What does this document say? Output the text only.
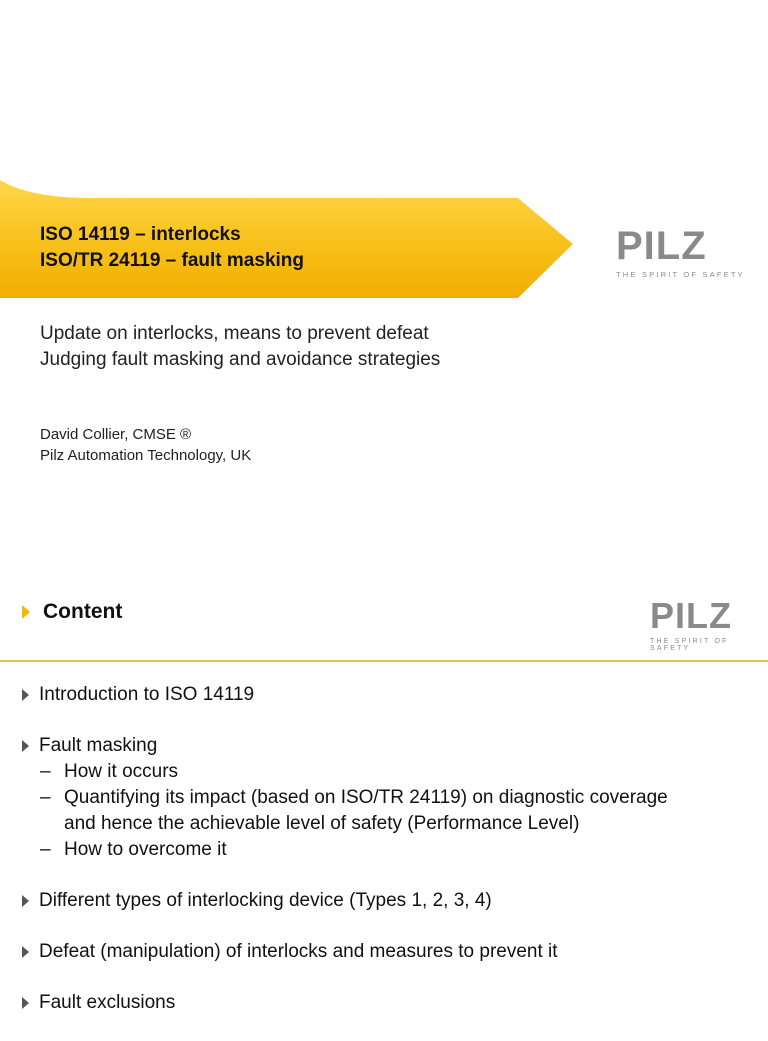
ISO 14119 – interlocks
ISO/TR 24119 – fault masking	PILZ
THE SPIRIT OF SAFETY
Update on interlocks, means to prevent defeat
Judging fault masking and avoidance strategies
David Collier, CMSE ®
Pilz Automation Technology, UK
Content	PILZ
THE SPIRIT OF SAFETY
Introduction to ISO 14119
Fault masking
– How it occurs
– Quantifying its impact (based on ISO/TR 24119) on diagnostic coverage
and hence the achievable level of safety (Performance Level)
– How to overcome it
Different types of interlocking device (Types 1, 2, 3, 4)
Defeat (manipulation) of interlocks and measures to prevent it
Fault exclusions
